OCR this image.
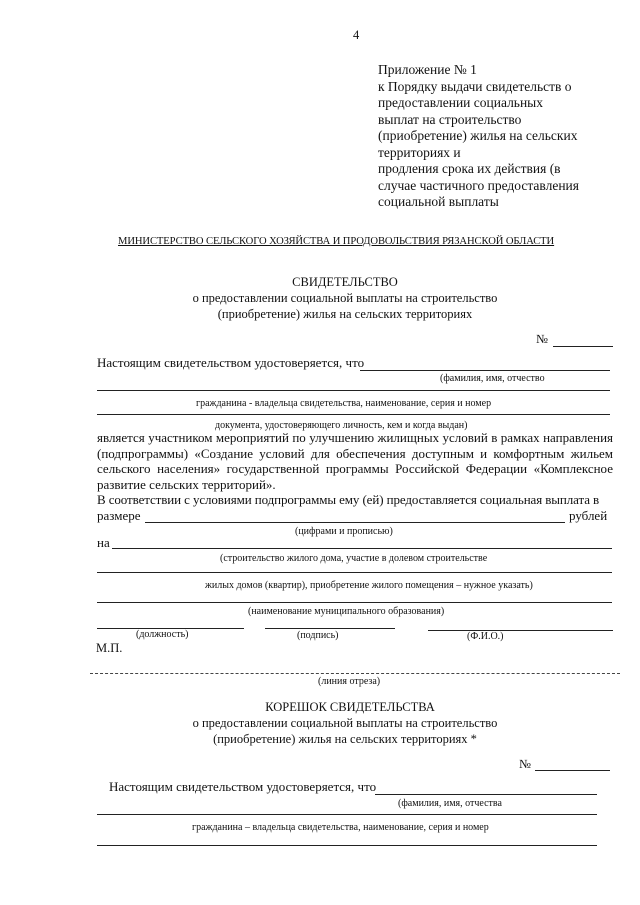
4
Приложение № 1
к Порядку выдачи свидетельств о
предоставлении социальных
выплат на строительство
(приобретение) жилья на сельских
территориях и
продления срока их действия (в
случае частичного предоставления
социальной выплаты
МИНИСТЕРСТВО СЕЛЬСКОГО ХОЗЯЙСТВА И ПРОДОВОЛЬСТВИЯ РЯЗАНСКОЙ ОБЛАСТИ
СВИДЕТЕЛЬСТВО
о предоставлении социальной выплаты на строительство
(приобретение) жилья на сельских территориях
№
Настоящим свидетельством удостоверяется, что
(фамилия, имя, отчество
гражданина - владельца свидетельства, наименование, серия и номер
документа, удостоверяющего личность, кем и когда выдан)
является участником мероприятий по улучшению жилищных условий в рамках направления (подпрограммы) «Создание условий для обеспечения доступным и комфортным жильем сельского населения» государственной программы Российской Федерации «Комплексное развитие сельских территорий».
В соответствии с условиями подпрограммы ему (ей) предоставляется социальная выплата в
размере	рублей
(цифрами и прописью)
на
(строительство жилого дома, участие в долевом строительстве
жилых домов (квартир), приобретение жилого помещения – нужное указать)
(наименование муниципального образования)
(должность)	(подпись)	(Ф.И.О.)
М.П.
(линия отреза)
КОРЕШОК СВИДЕТЕЛЬСТВА
о предоставлении социальной выплаты на строительство
(приобретение) жилья на сельских территориях *
№
Настоящим свидетельством удостоверяется, что
(фамилия, имя, отчества
гражданина – владельца свидетельства, наименование, серия и номер
